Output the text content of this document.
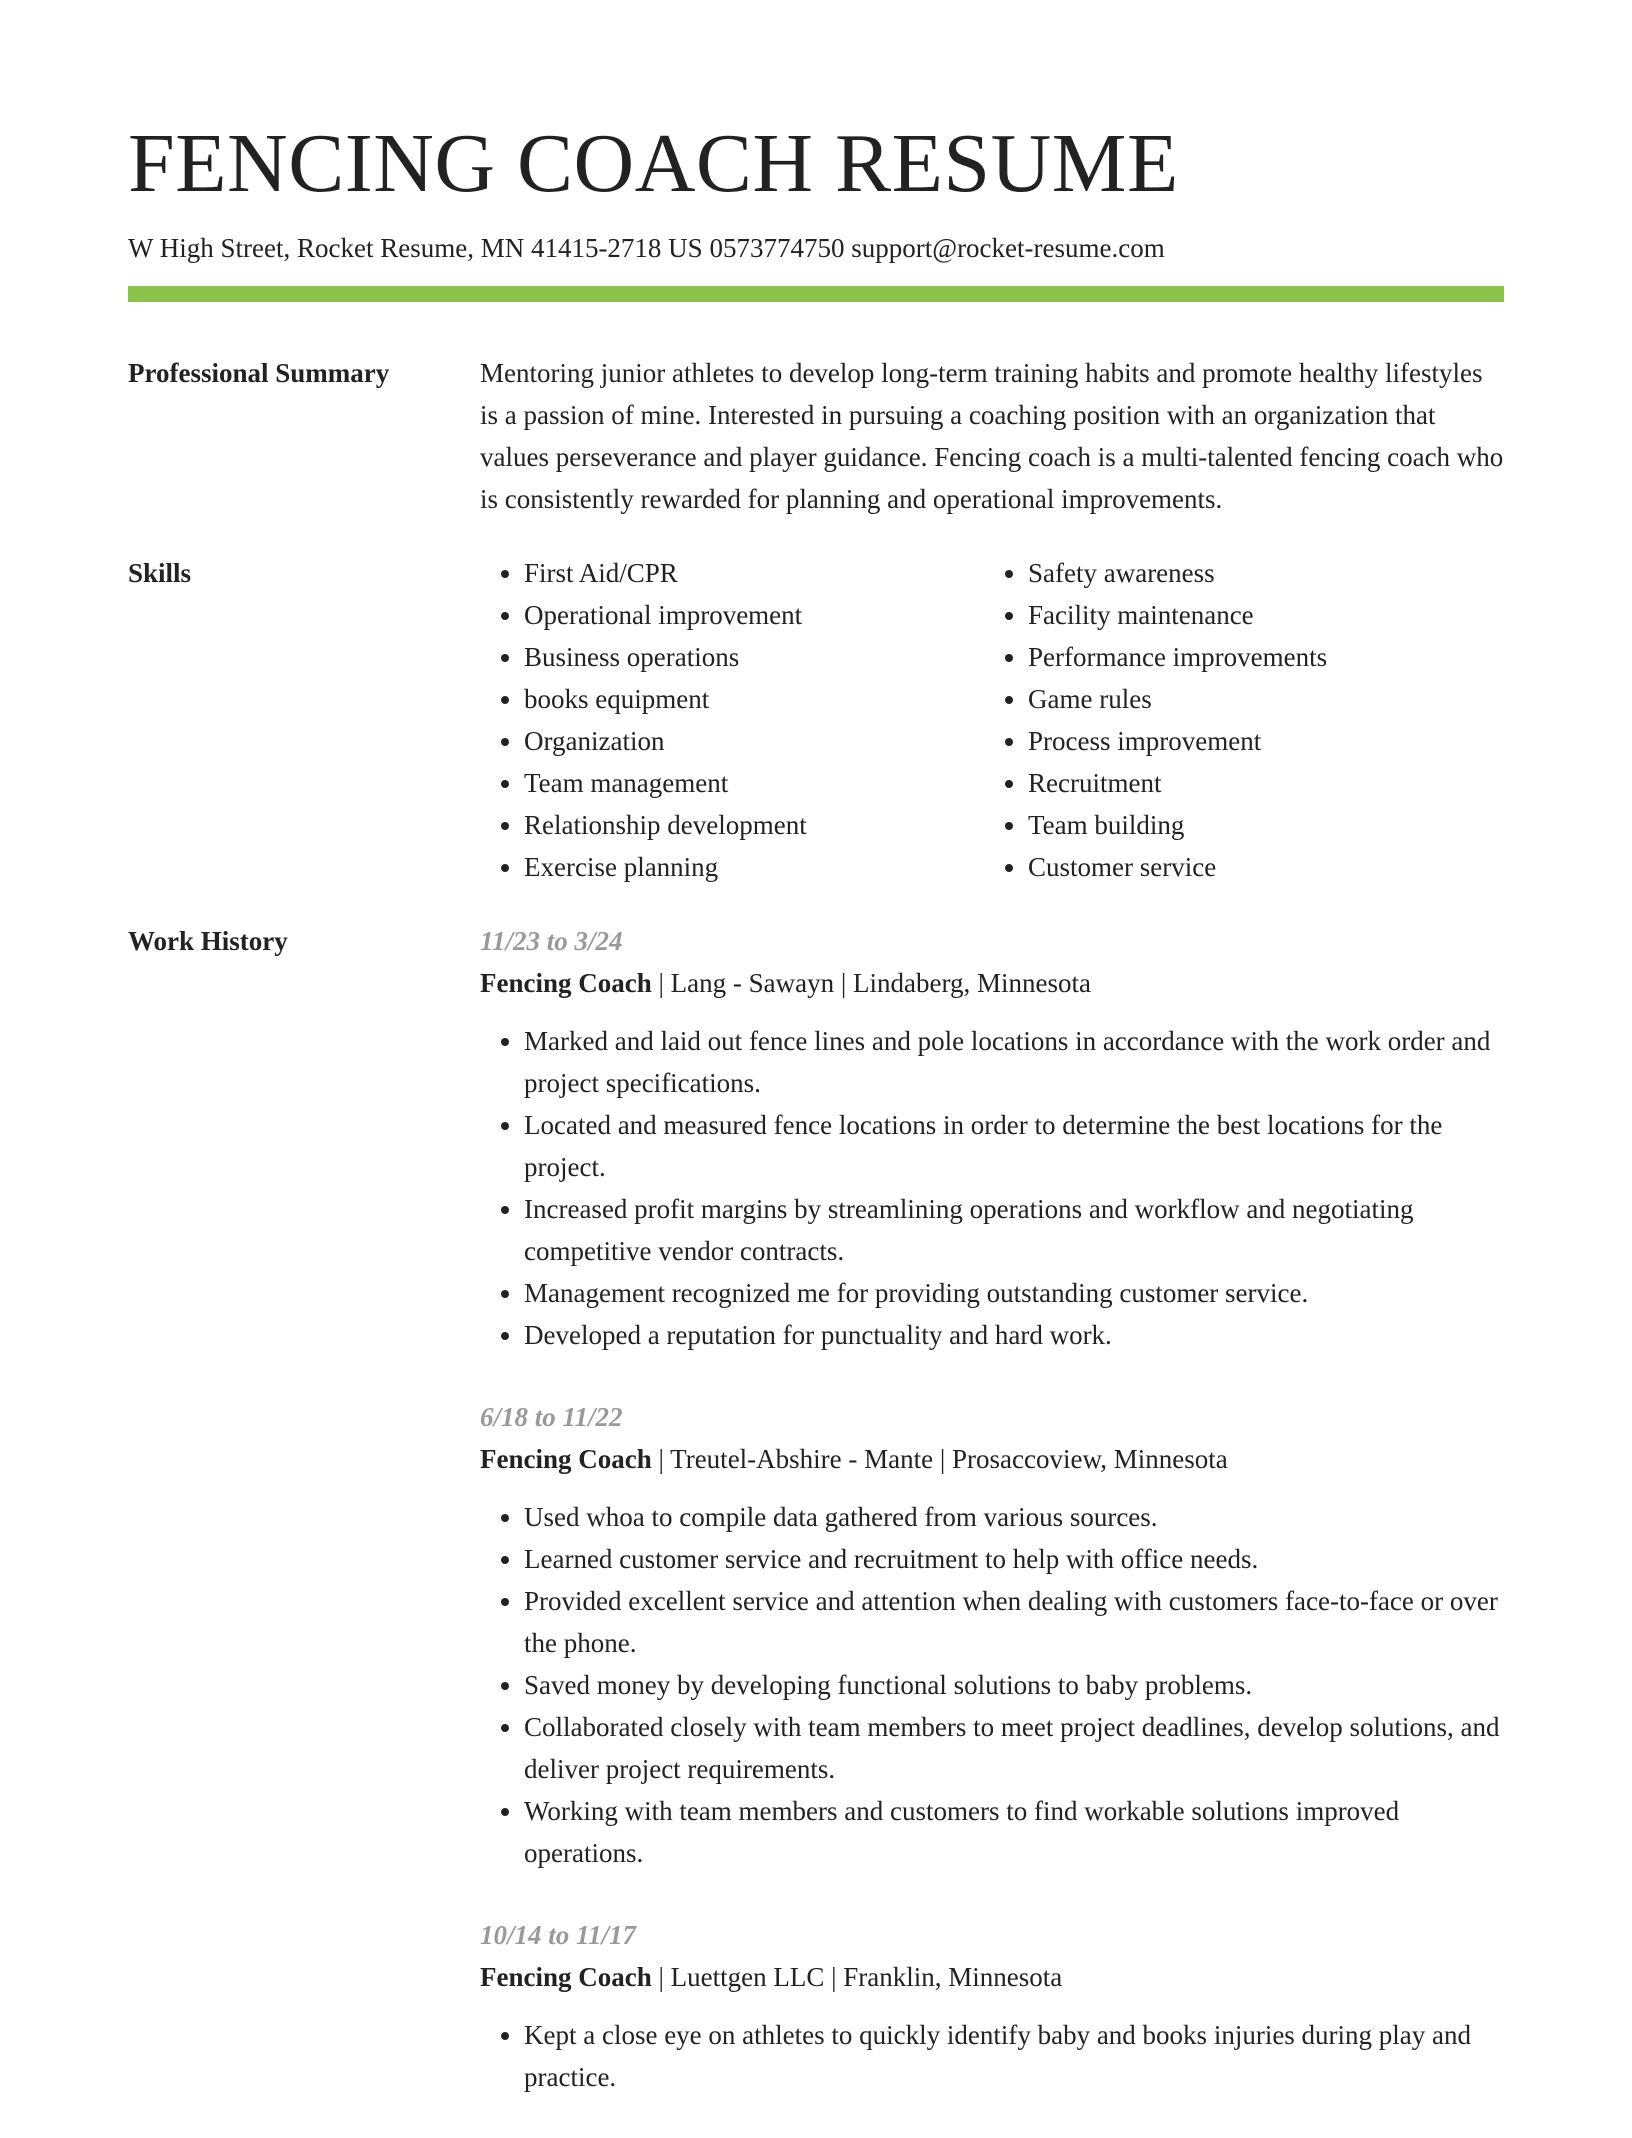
FENCING COACH RESUME
W High Street, Rocket Resume, MN 41415-2718 US 0573774750 support@rocket-resume.com
Professional Summary	Mentoring junior athletes to develop long-term training habits and promote healthy lifestyles is a passion of mine. Interested in pursuing a coaching position with an organization that values perseverance and player guidance. Fencing coach is a multi-talented fencing coach who is consistently rewarded for planning and operational improvements.

Skills
•	First Aid/CPR
• Operational improvement
• Business operations
• books equipment
• Organization
• Team management
• Relationship development
• Exercise planning
• Safety awareness
• Facility maintenance
• Performance improvements
• Game rules
• Process improvement
• Recruitment
• Team building
• Customer service
Work History	11/23 to 3/24
Fencing Coach | Lang - Sawayn | Lindaberg, Minnesota
• Marked and laid out fence lines and pole locations in accordance with the work order and project specifications.
• Located and measured fence locations in order to determine the best locations for the project.
• Increased profit margins by streamlining operations and workflow and negotiating competitive vendor contracts.
• Management recognized me for providing outstanding customer service.
• Developed a reputation for punctuality and hard work.
6/18 to 11/22
Fencing Coach | Treutel-Abshire - Mante | Prosaccoview, Minnesota
• Used whoa to compile data gathered from various sources.
• Learned customer service and recruitment to help with office needs.
• Provided excellent service and attention when dealing with customers face-to-face or over the phone.
• Saved money by developing functional solutions to baby problems.
• Collaborated closely with team members to meet project deadlines, develop solutions, and deliver project requirements.
• Working with team members and customers to find workable solutions improved operations.
10/14 to 11/17
Fencing Coach | Luettgen LLC | Franklin, Minnesota
• Kept a close eye on athletes to quickly identify baby and books injuries during play and practice.
